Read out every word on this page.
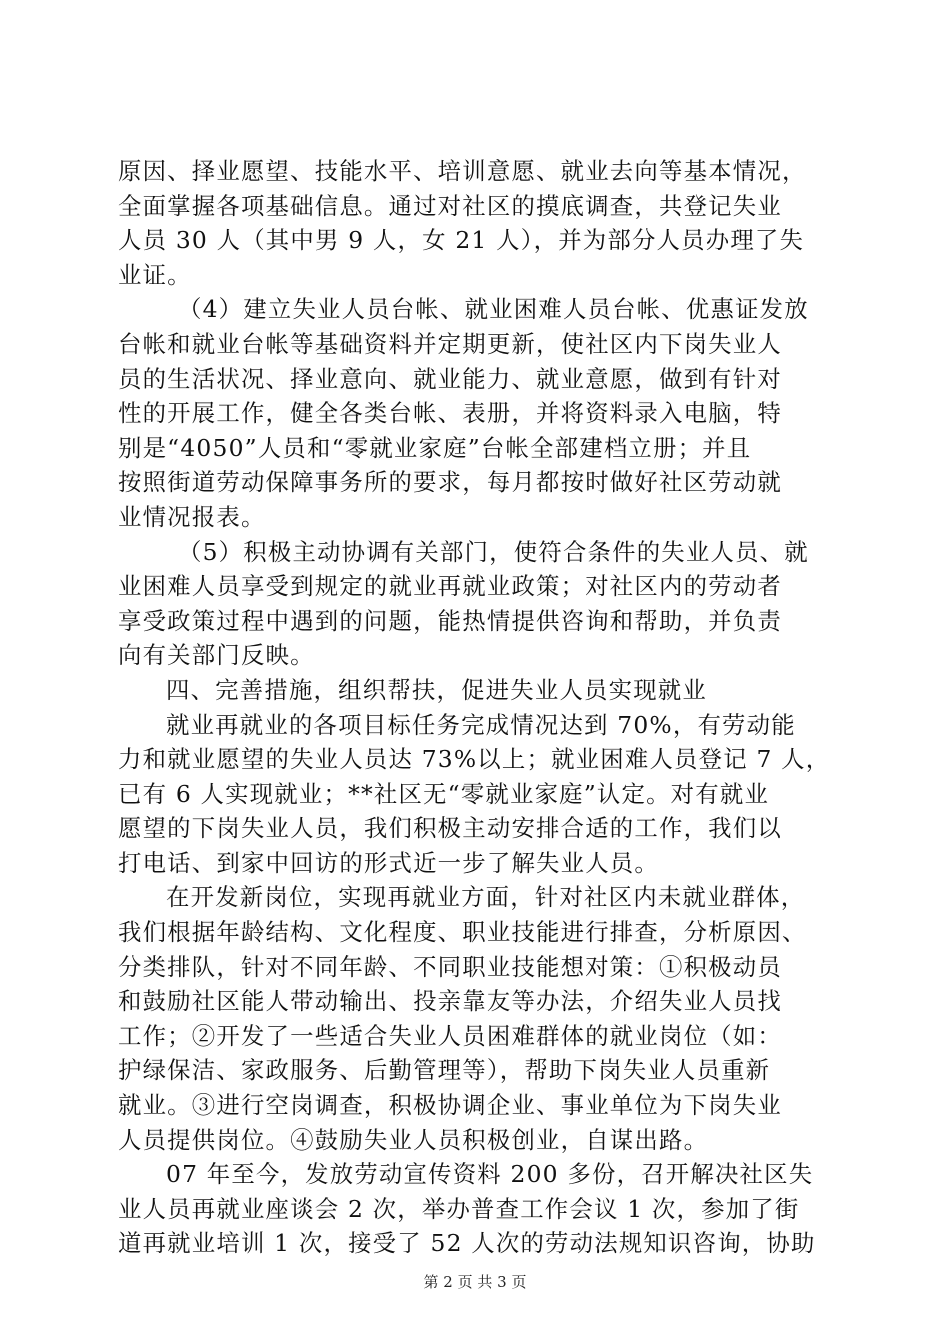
原因、择业愿望、技能水平、培训意愿、就业去向等基本情况，
全面掌握各项基础信息。通过对社区的摸底调查，共登记失业
人员 30 人（其中男 9 人，女 21 人），并为部分人员办理了失
业证。
（4）建立失业人员台帐、就业困难人员台帐、优惠证发放
台帐和就业台帐等基础资料并定期更新，使社区内下岗失业人
员的生活状况、择业意向、就业能力、就业意愿，做到有针对
性的开展工作，健全各类台帐、表册，并将资料录入电脑，特
别是“4050”人员和“零就业家庭”台帐全部建档立册；并且
按照街道劳动保障事务所的要求，每月都按时做好社区劳动就
业情况报表。
（5）积极主动协调有关部门，使符合条件的失业人员、就
业困难人员享受到规定的就业再就业政策；对社区内的劳动者
享受政策过程中遇到的问题，能热情提供咨询和帮助，并负责
向有关部门反映。
四、完善措施，组织帮扶，促进失业人员实现就业
就业再就业的各项目标任务完成情况达到 70%，有劳动能
力和就业愿望的失业人员达 73%以上；就业困难人员登记 7 人，
已有 6 人实现就业；**社区无“零就业家庭”认定。对有就业
愿望的下岗失业人员，我们积极主动安排合适的工作，我们以
打电话、到家中回访的形式近一步了解失业人员。
在开发新岗位，实现再就业方面，针对社区内未就业群体，
我们根据年龄结构、文化程度、职业技能进行排查，分析原因、
分类排队，针对不同年龄、不同职业技能想对策：①积极动员
和鼓励社区能人带动输出、投亲靠友等办法，介绍失业人员找
工作；②开发了一些适合失业人员困难群体的就业岗位（如：
护绿保洁、家政服务、后勤管理等），帮助下岗失业人员重新
就业。③进行空岗调查，积极协调企业、事业单位为下岗失业
人员提供岗位。④鼓励失业人员积极创业，自谋出路。
07 年至今，发放劳动宣传资料 200 多份，召开解决社区失
业人员再就业座谈会 2 次，举办普查工作会议 1 次，参加了街
道再就业培训 1 次，接受了 52 人次的劳动法规知识咨询，协助
第 2 页 共 3 页
